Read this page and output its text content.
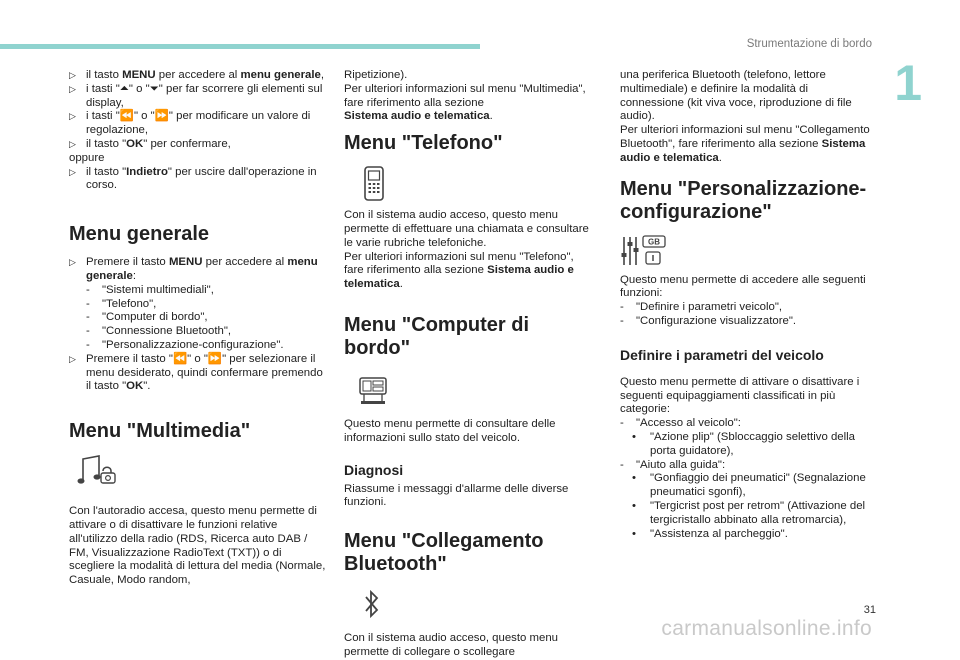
Strumentazione di bordo
1
▷ il tasto MENU per accedere al menu generale,
▷ i tasti "⏶" o "⏷" per far scorrere gli elementi sul display,
▷ i tasti "⏪" o "⏩" per modificare un valore di regolazione,
▷ il tasto "OK" per confermare,

oppure

▷ il tasto "Indietro" per uscire dall'operazione in corso.
Menu generale
▷ Premere il tasto MENU per accedere al menu generale:
-	"Sistemi multimediali",
-	"Telefono",
-	"Computer di bordo",
-	"Connessione Bluetooth",
-	"Personalizzazione-configurazione".
▷ Premere il tasto "⏪" o "⏩" per selezionare il menu desiderato, quindi confermare premendo il tasto "OK".
Menu "Multimedia"

Con l'autoradio accesa, questo menu permette di attivare o di disattivare le funzioni relative all'utilizzo della radio (RDS, Ricerca auto DAB / FM, Visualizzazione RadioText (TXT)) o di scegliere la modalità di lettura del media (Normale, Casuale, Modo random,

Ripetizione).

Per ulteriori informazioni sul menu "Multimedia", fare riferimento alla sezione
Sistema audio e telematica.

Menu "Telefono"

Con il sistema audio acceso, questo menu permette di effettuare una chiamata e consultare le varie rubriche telefoniche.

Per ulteriori informazioni sul menu "Telefono", fare riferimento alla sezione Sistema audio e telematica.

Menu "Computer di bordo"

Questo menu permette di consultare delle informazioni sullo stato del veicolo.

Diagnosi

Riassume i messaggi d'allarme delle diverse funzioni.

Menu "Collegamento
Bluetooth"

Con il sistema audio acceso, questo menu permette di collegare o scollegare

una periferica Bluetooth (telefono, lettore multimediale) e definire la modalità di connessione (kit viva voce, riproduzione di file audio).

Per ulteriori informazioni sul menu "Collegamento Bluetooth", fare riferimento alla sezione Sistema audio e telematica.

Menu "Personalizzazione-
configurazione"
GB

Questo menu permette di accedere alle seguenti funzioni:

-	"Definire i parametri veicolo",
-	"Configurazione visualizzatore".
Definire i parametri del veicolo

Questo menu permette di attivare o disattivare i seguenti equipaggiamenti classificati in più categorie:

-	"Accesso al veicolo":
•	"Azione plip" (Sbloccaggio selettivo della porta guidatore),
-	"Aiuto alla guida":
•	"Gonfiaggio dei pneumatici" (Segnalazione pneumatici sgonfi),
•	"Tergicrist post per retrom" (Attivazione del tergicristallo abbinato alla retromarcia),
•	"Assistenza al parcheggio".
31
carmanualsonline.info
